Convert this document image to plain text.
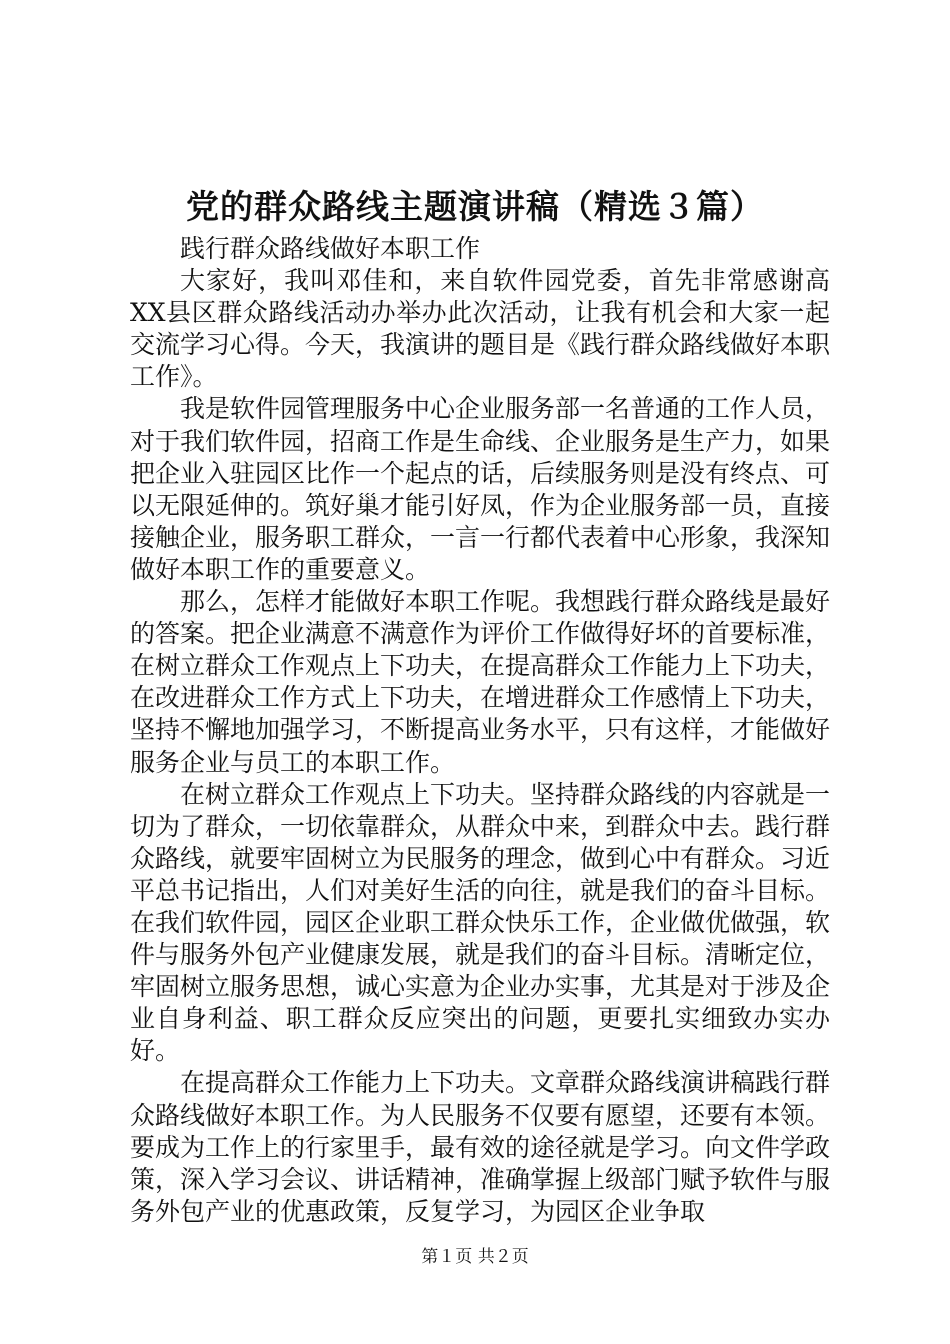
党的群众路线主题演讲稿（精选３篇）

践行群众路线做好本职工作

大家好，我叫邓佳和，来自软件园党委，首先非常感谢高XX县区群众路线活动办举办此次活动，让我有机会和大家一起交流学习心得。今天，我演讲的题目是《践行群众路线做好本职工作》。

我是软件园管理服务中心企业服务部一名普通的工作人员，对于我们软件园，招商工作是生命线、企业服务是生产力，如果把企业入驻园区比作一个起点的话，后续服务则是没有终点、可以无限延伸的。筑好巢才能引好凤，作为企业服务部一员，直接接触企业，服务职工群众，一言一行都代表着中心形象，我深知做好本职工作的重要意义。

那么，怎样才能做好本职工作呢。我想践行群众路线是最好的答案。把企业满意不满意作为评价工作做得好坏的首要标准，在树立群众工作观点上下功夫，在提高群众工作能力上下功夫，在改进群众工作方式上下功夫，在增进群众工作感情上下功夫，坚持不懈地加强学习，不断提高业务水平，只有这样，才能做好服务企业与员工的本职工作。

在树立群众工作观点上下功夫。坚持群众路线的内容就是一切为了群众，一切依靠群众，从群众中来，到群众中去。践行群众路线，就要牢固树立为民服务的理念，做到心中有群众。习近平总书记指出，人们对美好生活的向往，就是我们的奋斗目标。在我们软件园，园区企业职工群众快乐工作，企业做优做强，软件与服务外包产业健康发展，就是我们的奋斗目标。清晰定位，牢固树立服务思想，诚心实意为企业办实事，尤其是对于涉及企业自身利益、职工群众反应突出的问题，更要扎实细致办实办好。

在提高群众工作能力上下功夫。文章群众路线演讲稿践行群众路线做好本职工作。为人民服务不仅要有愿望，还要有本领。要成为工作上的行家里手，最有效的途径就是学习。向文件学政策，深入学习会议、讲话精神，准确掌握上级部门赋予软件与服务外包产业的优惠政策，反复学习，为园区企业争取

第１页 共２页
